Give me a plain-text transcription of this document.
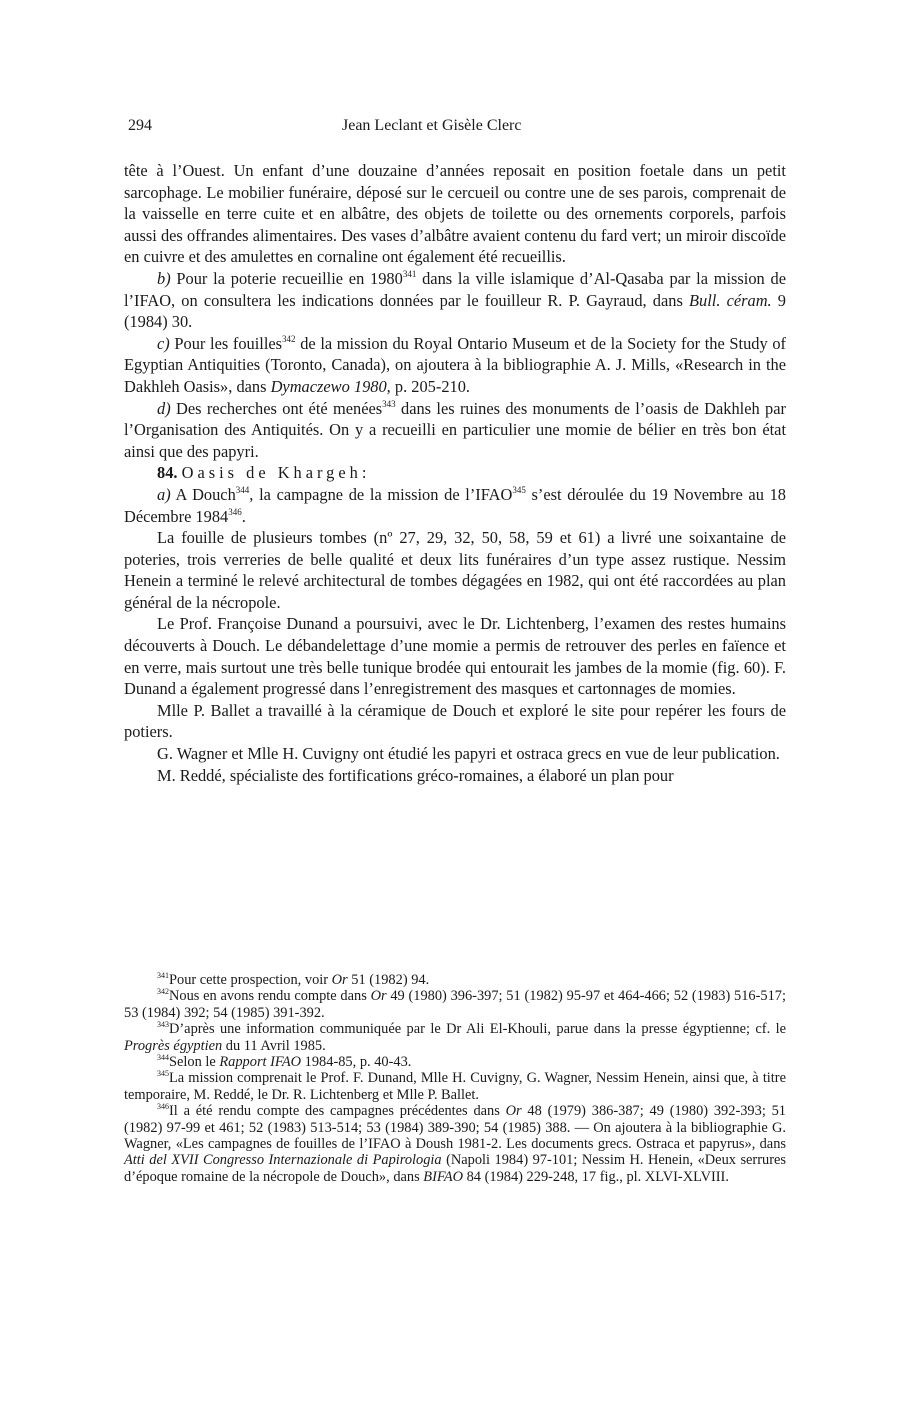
294	Jean Leclant et Gisèle Clerc

tête à l’Ouest. Un enfant d’une douzaine d’années reposait en position foetale dans un petit sarcophage. Le mobilier funéraire, déposé sur le cercueil ou contre une de ses parois, comprenait de la vaisselle en terre cuite et en albâtre, des objets de toilette ou des ornements corporels, parfois aussi des offrandes alimentaires. Des vases d’albâtre avaient contenu du fard vert; un miroir discoïde en cuivre et des amulettes en cornaline ont également été recueillis.

b) Pour la poterie recueillie en 1980$^{341}$ dans la ville islamique d’Al-Qasaba par la mission de l’IFAO, on consultera les indications données par le fouilleur R. P. Gayraud, dans Bull. céram. 9 (1984) 30.

c) Pour les fouilles$^{342}$ de la mission du Royal Ontario Museum et de la Society for the Study of Egyptian Antiquities (Toronto, Canada), on ajoutera à la bibliographie A. J. Mills, «Research in the Dakhleh Oasis», dans Dymaczewo 1980, p. 205-210.

d) Des recherches ont été menées$^{343}$ dans les ruines des monuments de l’oasis de Dakhleh par l’Organisation des Antiquités. On y a recueilli en particulier une momie de bélier en très bon état ainsi que des papyri.

84. Oasis de Khargeh:

a) A Douch$^{344}$, la campagne de la mission de l’IFAO$^{345}$ s’est déroulée du 19 Novembre au 18 Décembre 1984$^{346}$.

La fouille de plusieurs tombes (nº 27, 29, 32, 50, 58, 59 et 61) a livré une soixantaine de poteries, trois verreries de belle qualité et deux lits funéraires d’un type assez rustique. Nessim Henein a terminé le relevé architectural de tombes dégagées en 1982, qui ont été raccordées au plan général de la nécropole.

Le Prof. Françoise Dunand a poursuivi, avec le Dr. Lichtenberg, l’examen des restes humains découverts à Douch. Le débandelettage d’une momie a permis de retrouver des perles en faïence et en verre, mais surtout une très belle tunique brodée qui entourait les jambes de la momie (fig. 60). F. Dunand a également progressé dans l’enregistrement des masques et cartonnages de momies.

Mlle P. Ballet a travaillé à la céramique de Douch et exploré le site pour repérer les fours de potiers.

G. Wagner et Mlle H. Cuvigny ont étudié les papyri et ostraca grecs en vue de leur publication.

M. Reddé, spécialiste des fortifications gréco-romaines, a élaboré un plan pour

$^{341}$Pour cette prospection, voir Or 51 (1982) 94.

$^{342}$Nous en avons rendu compte dans Or 49 (1980) 396-397; 51 (1982) 95-97 et 464-466; 52 (1983) 516-517; 53 (1984) 392; 54 (1985) 391-392.

$^{343}$D’après une information communiquée par le Dr Ali El-Khouli, parue dans la presse égyptienne; cf. le Progrès égyptien du 11 Avril 1985.

$^{344}$Selon le Rapport IFAO 1984-85, p. 40-43.

$^{345}$La mission comprenait le Prof. F. Dunand, Mlle H. Cuvigny, G. Wagner, Nessim Henein, ainsi que, à titre temporaire, M. Reddé, le Dr. R. Lichtenberg et Mlle P. Ballet.

$^{346}$Il a été rendu compte des campagnes précédentes dans Or 48 (1979) 386-387; 49 (1980) 392-393; 51 (1982) 97-99 et 461; 52 (1983) 513-514; 53 (1984) 389-390; 54 (1985) 388. — On ajoutera à la bibliographie G. Wagner, «Les campagnes de fouilles de l’IFAO à Doush 1981-2. Les documents grecs. Ostraca et papyrus», dans Atti del XVII Congresso Internazionale di Papirologia (Napoli 1984) 97-101; Nessim H. Henein, «Deux serrures d’époque romaine de la nécropole de Douch», dans BIFAO 84 (1984) 229-248, 17 fig., pl. XLVI-XLVIII.
